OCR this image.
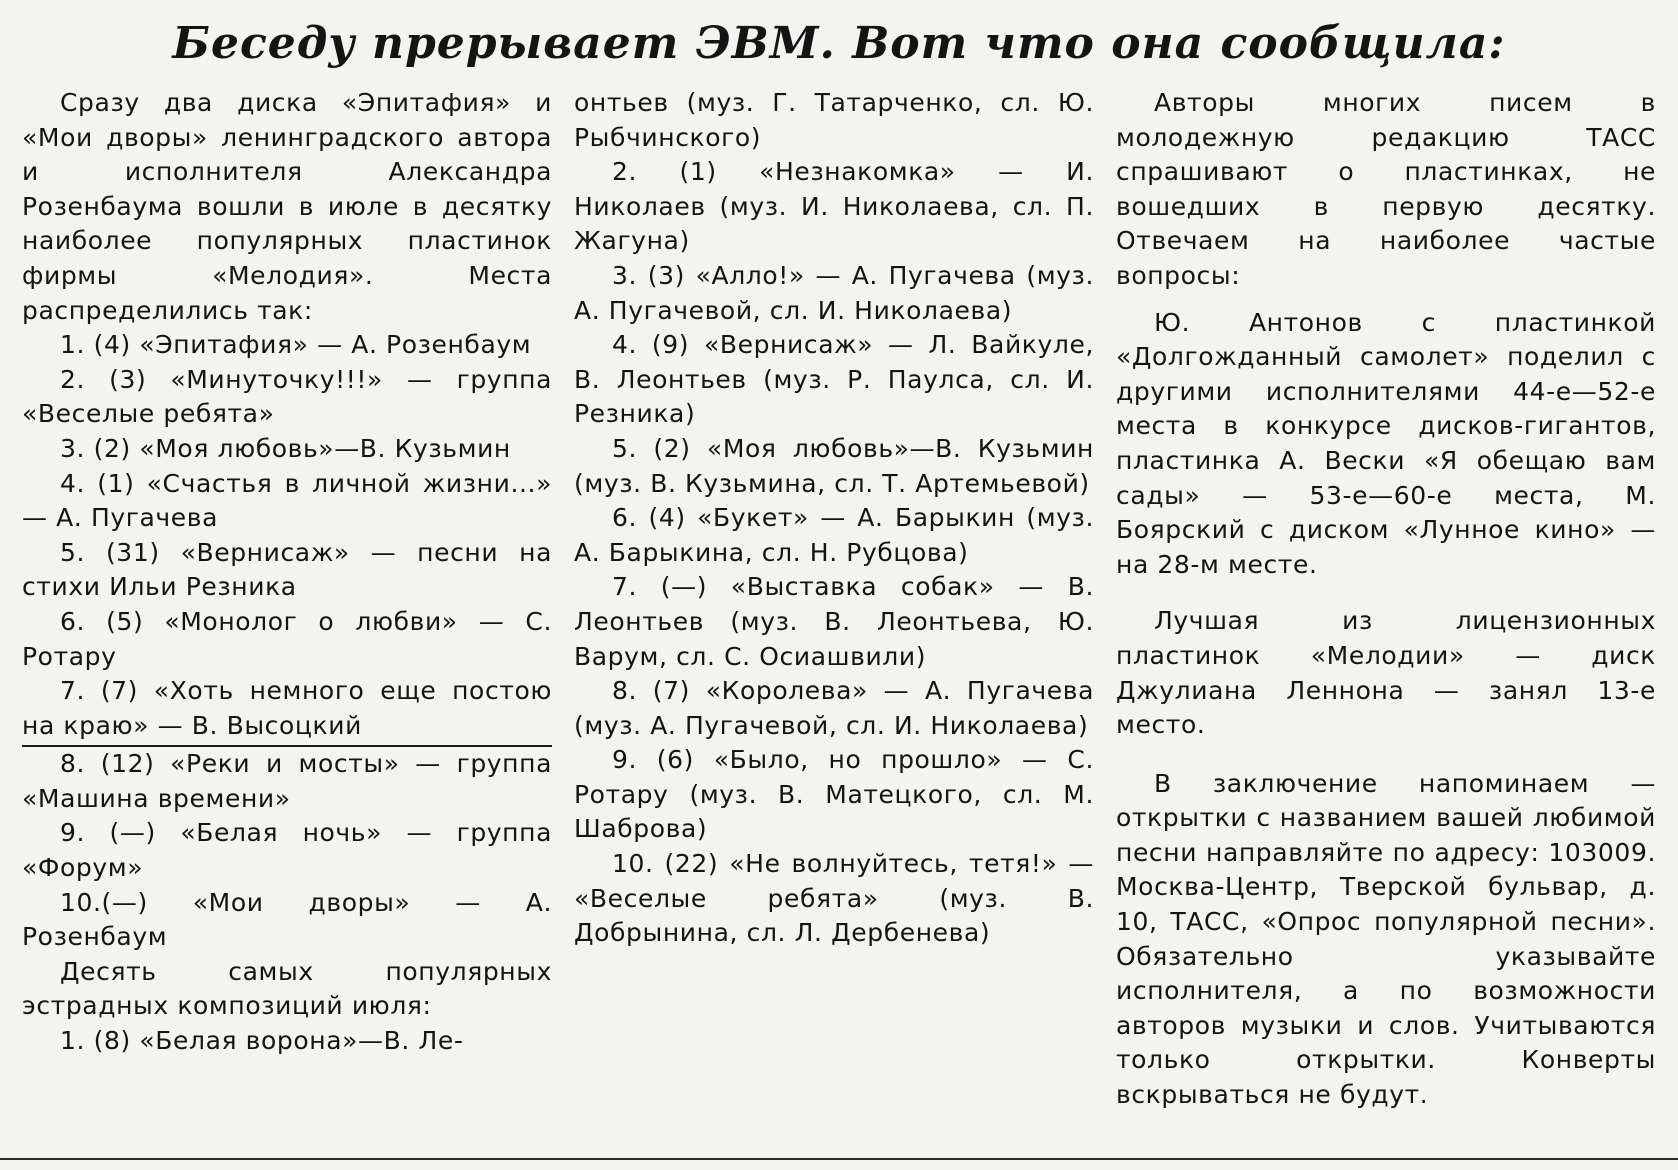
Беседу прерывает ЭВМ. Вот что она сообщила:

Сразу два диска «Эпитафия» и «Мои дворы» ленинградского автора и исполнителя Александра Розенбаума вошли в июле в десятку наиболее популярных пластинок фирмы «Мелодия». Места распределились так:

1. (4) «Эпитафия» — А. Розенбаум

2. (3) «Минуточку!!!» — группа «Веселые ребята»

3. (2) «Моя любовь»—В. Кузьмин

4. (1) «Счастья в личной жизни...» — А. Пугачева

5. (31) «Вернисаж» — песни на стихи Ильи Резника

6. (5) «Монолог о любви» — С. Ротару

7. (7) «Хоть немного еще постою на краю» — В. Высоцкий

8. (12) «Реки и мосты» — группа «Машина времени»

9. (—) «Белая ночь» — группа «Форум»

10.(—) «Мои дворы» — А. Розенбаум

Десять самых популярных эстрадных композиций июля:

1. (8) «Белая ворона»—В. Ле-

онтьев (муз. Г. Татарченко, сл. Ю. Рыбчинского)

2. (1) «Незнакомка» — И. Николаев (муз. И. Николаева, сл. П. Жагуна)

3. (3) «Алло!» — А. Пугачева (муз. А. Пугачевой, сл. И. Николаева)

4. (9) «Вернисаж» — Л. Вайкуле, В. Леонтьев (муз. Р. Паулса, сл. И. Резника)

5. (2) «Моя любовь»—В. Кузьмин (муз. В. Кузьмина, сл. Т. Артемьевой)

6. (4) «Букет» — А. Барыкин (муз. А. Барыкина, сл. Н. Рубцова)

7. (—) «Выставка собак» — В. Леонтьев (муз. В. Леонтьева, Ю. Варум, сл. С. Осиашвили)

8. (7) «Королева» — А. Пугачева (муз. А. Пугачевой, сл. И. Николаева)

9. (6) «Было, но прошло» — С. Ротару (муз. В. Матецкого, сл. М. Шаброва)

10. (22) «Не волнуйтесь, тетя!» — «Веселые ребята» (муз. В. Добрынина, сл. Л. Дербенева)

Авторы многих писем в молодежную редакцию ТАСС спрашивают о пластинках, не вошедших в первую десятку. Отвечаем на наиболее частые вопросы:

Ю. Антонов с пластинкой «Долгожданный самолет» поделил с другими исполнителями 44-е—52-е места в конкурсе дисков-гигантов, пластинка А. Вески «Я обещаю вам сады» — 53-е—60-е места, М. Боярский с диском «Лунное кино» — на 28-м месте.

Лучшая из лицензионных пластинок «Мелодии» — диск Джулиана Леннона — занял 13-е место.

В заключение напоминаем — открытки с названием вашей любимой песни направляйте по адресу: 103009. Москва-Центр, Тверской бульвар, д. 10, ТАСС, «Опрос популярной песни». Обязательно указывайте исполнителя, а по возможности авторов музыки и слов. Учитываются только открытки. Конверты вскрываться не будут.
